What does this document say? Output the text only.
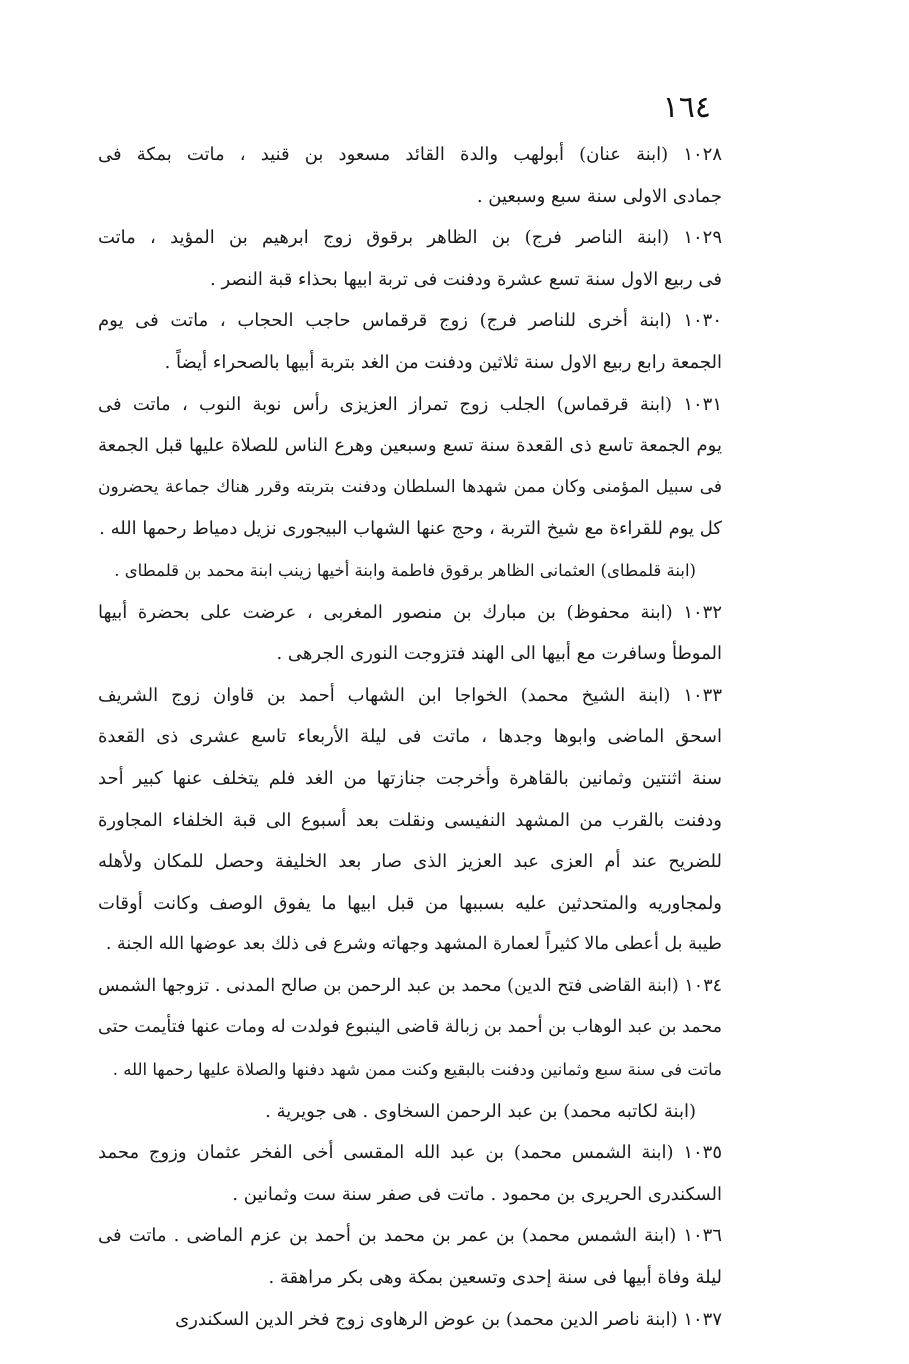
١٦٤
١٠٢٨ (ابنة عنان) أبولهب والدة القائد مسعود بن قنيد ، ماتت بمكة فى
جمادى الاولى سنة سبع وسبعين .
١٠٢٩ (ابنة الناصر فرج) بن الظاهر برقوق زوج ابرهيم بن المؤيد ، ماتت
فى ربيع الاول سنة تسع عشرة ودفنت فى تربة ابيها بحذاء قبة النصر .
١٠٣٠ (ابنة أخرى للناصر فرج) زوج قرقماس حاجب الحجاب ، ماتت فى يوم
الجمعة رابع ربيع الاول سنة ثلاثين ودفنت من الغد بتربة أبيها بالصحراء أيضاً .
١٠٣١ (ابنة قرقماس) الجلب زوج تمراز العزيزى رأس نوبة النوب ، ماتت فى
يوم الجمعة تاسع ذى القعدة سنة تسع وسبعين وهرع الناس للصلاة عليها قبل الجمعة
فى سبيل المؤمنى وكان ممن شهدها السلطان ودفنت بتربته وقرر هناك جماعة يحضرون
كل يوم للقراءة مع شيخ التربة ، وحج عنها الشهاب البيجورى نزيل دمياط رحمها الله .
(ابنة قلمطاى) العثمانى الظاهر برقوق فاطمة وابنة أخيها زينب ابنة محمد بن قلمطاى .
١٠٣٢ (ابنة محفوظ) بن مبارك بن منصور المغربى ، عرضت على بحضرة أبيها
الموطأ وسافرت مع أبيها الى الهند فتزوجت النورى الجرهى .
١٠٣٣ (ابنة الشيخ محمد) الخواجا ابن الشهاب أحمد بن قاوان زوج الشريف
اسحق الماضى وابوها وجدها ، ماتت فى ليلة الأربعاء تاسع عشرى ذى القعدة
سنة اثنتين وثمانين بالقاهرة وأخرجت جنازتها من الغد فلم يتخلف عنها كبير أحد
ودفنت بالقرب من المشهد النفيسى ونقلت بعد أسبوع الى قبة الخلفاء المجاورة
للضريح عند أم العزى عبد العزيز الذى صار بعد الخليفة وحصل للمكان ولأهله
ولمجاوريه والمتحدثين عليه بسببها من قبل ابيها ما يفوق الوصف وكانت أوقات
طيبة بل أعطى مالا كثيراً لعمارة المشهد وجهاته وشرع فى ذلك بعد عوضها الله الجنة .
١٠٣٤ (ابنة القاضى فتح الدين) محمد بن عبد الرحمن بن صالح المدنى . تزوجها الشمس
محمد بن عبد الوهاب بن أحمد بن زبالة قاضى الينبوع فولدت له ومات عنها فتأيمت حتى
ماتت فى سنة سبع وثمانين ودفنت بالبقيع وكنت ممن شهد دفنها والصلاة عليها رحمها الله .
(ابنة لكاتبه محمد) بن عبد الرحمن السخاوى . هى جويرية .
١٠٣٥ (ابنة الشمس محمد) بن عبد الله المقسى أخى الفخر عثمان وزوج محمد
السكندرى الحريرى بن محمود . ماتت فى صفر سنة ست وثمانين .
١٠٣٦ (ابنة الشمس محمد) بن عمر بن محمد بن أحمد بن عزم الماضى . ماتت فى
ليلة وفاة أبيها فى سنة إحدى وتسعين بمكة وهى بكر مراهقة .
١٠٣٧ (ابنة ناصر الدين محمد) بن عوض الرهاوى زوج فخر الدين السكندرى
